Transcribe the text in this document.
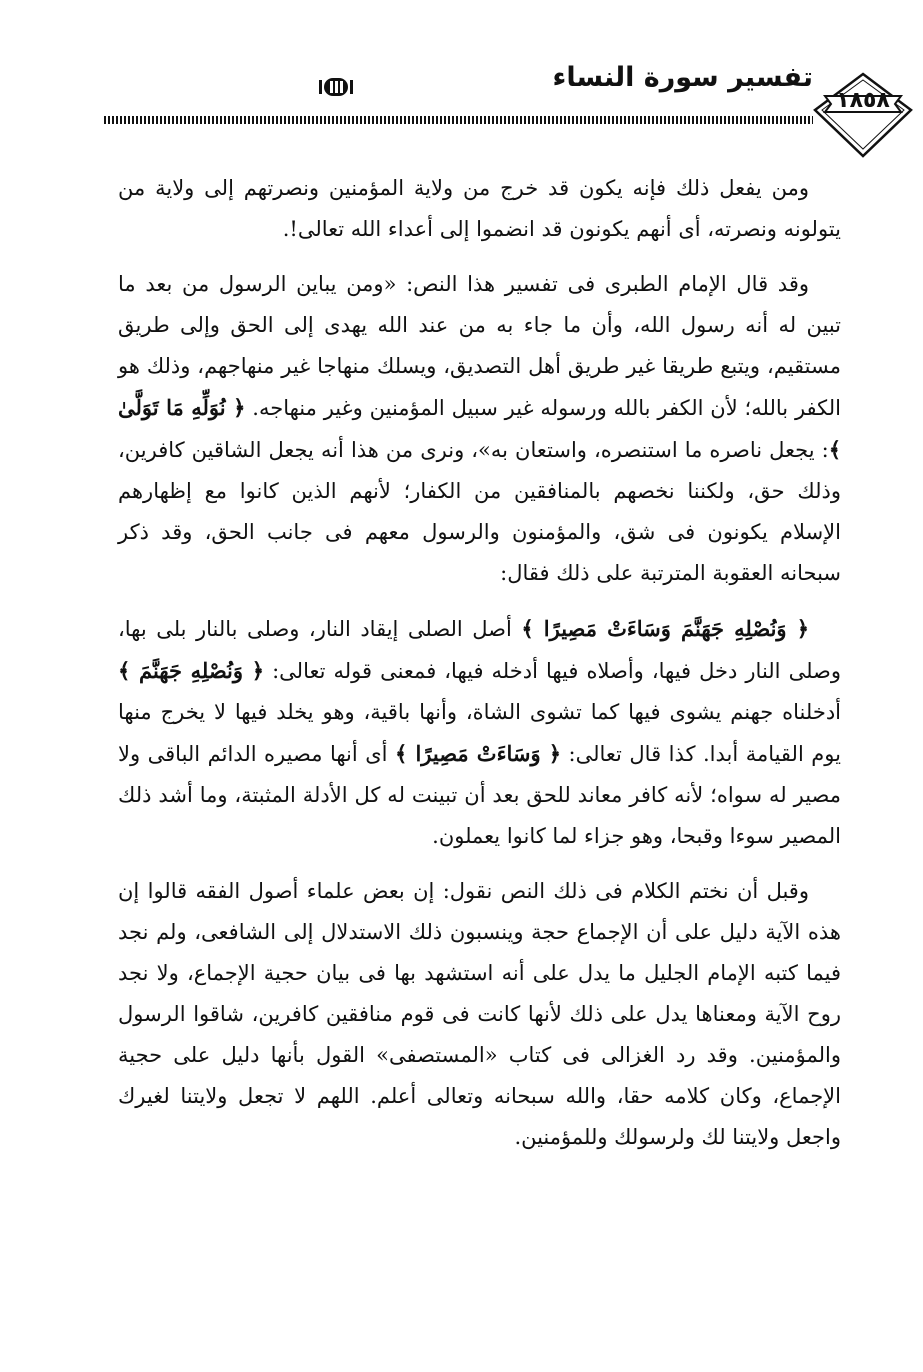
تفسير سورة النساء
١٨٥٨

ومن يفعل ذلك فإنه يكون قد خرج من ولاية المؤمنين ونصرتهم إلى ولاية من يتولونه ونصرته، أى أنهم يكونون قد انضموا إلى أعداء الله تعالى!.

وقد قال الإمام الطبرى فى تفسير هذا النص: «ومن يباين الرسول من بعد ما تبين له أنه رسول الله، وأن ما جاء به من عند الله يهدى إلى الحق وإلى طريق مستقيم، ويتبع طريقا غير طريق أهل التصديق، ويسلك منهاجا غير منهاجهم، وذلك هو الكفر بالله؛ لأن الكفر بالله ورسوله غير سبيل المؤمنين وغير منهاجه. ﴿ نُوَلِّهِ مَا تَوَلَّىٰ ﴾: يجعل ناصره ما استنصره، واستعان به»، ونرى من هذا أنه يجعل الشاقين كافرين، وذلك حق، ولكننا نخصهم بالمنافقين من الكفار؛ لأنهم الذين كانوا مع إظهارهم الإسلام يكونون فى شق، والمؤمنون والرسول معهم فى جانب الحق، وقد ذكر سبحانه العقوبة المترتبة على ذلك فقال:

﴿ وَنُصْلِهِ جَهَنَّمَ وَسَاءَتْ مَصِيرًا ﴾ أصل الصلى إيقاد النار، وصلى بالنار بلى بها، وصلى النار دخل فيها، وأصلاه فيها أدخله فيها، فمعنى قوله تعالى: ﴿ وَنُصْلِهِ جَهَنَّمَ ﴾ أدخلناه جهنم يشوى فيها كما تشوى الشاة، وأنها باقية، وهو يخلد فيها لا يخرج منها يوم القيامة أبدا. كذا قال تعالى: ﴿ وَسَاءَتْ مَصِيرًا ﴾ أى أنها مصيره الدائم الباقى ولا مصير له سواه؛ لأنه كافر معاند للحق بعد أن تبينت له كل الأدلة المثبتة، وما أشد ذلك المصير سوءا وقبحا، وهو جزاء لما كانوا يعملون.

وقبل أن نختم الكلام فى ذلك النص نقول: إن بعض علماء أصول الفقه قالوا إن هذه الآية دليل على أن الإجماع حجة وينسبون ذلك الاستدلال إلى الشافعى، ولم نجد فيما كتبه الإمام الجليل ما يدل على أنه استشهد بها فى بيان حجية الإجماع، ولا نجد روح الآية ومعناها يدل على ذلك لأنها كانت فى قوم منافقين كافرين، شاقوا الرسول والمؤمنين. وقد رد الغزالى فى كتاب «المستصفى» القول بأنها دليل على حجية الإجماع، وكان كلامه حقا، والله سبحانه وتعالى أعلم. اللهم لا تجعل ولايتنا لغيرك واجعل ولايتنا لك ولرسولك وللمؤمنين.
